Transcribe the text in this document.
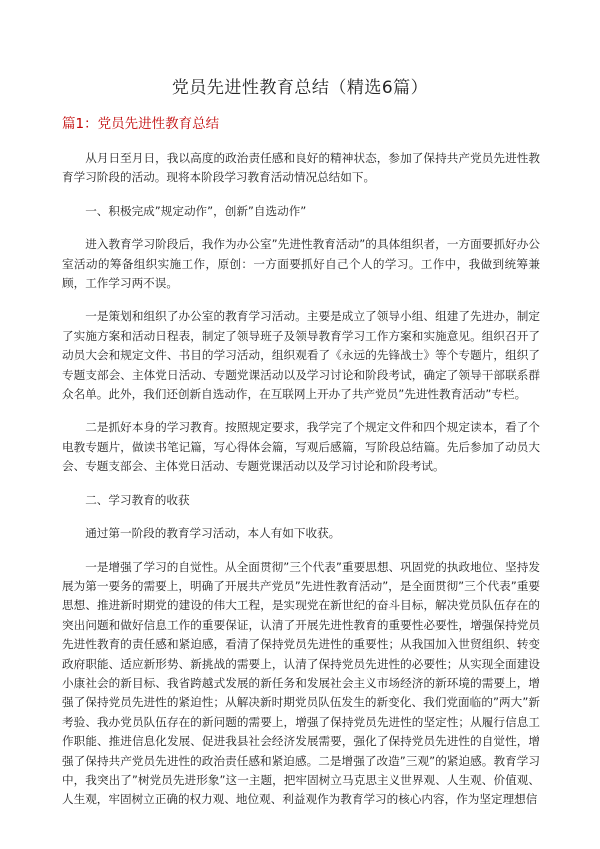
党员先进性教育总结（精选6篇）
篇1：党员先进性教育总结

从月日至月日，我以高度的政治责任感和良好的精神状态，参加了保持共产党员先进性教育学习阶段的活动。现将本阶段学习教育活动情况总结如下。

一、积极完成”规定动作”，创新”自选动作”

进入教育学习阶段后，我作为办公室”先进性教育活动”的具体组织者，一方面要抓好办公室活动的筹备组织实施工作，原创：一方面要抓好自己个人的学习。工作中，我做到统筹兼顾，工作学习两不误。

一是策划和组织了办公室的教育学习活动。主要是成立了领导小组、组建了先进办，制定了实施方案和活动日程表，制定了领导班子及领导教育学习工作方案和实施意见。组织召开了动员大会和规定文件、书目的学习活动，组织观看了《永远的先锋战士》等个专题片，组织了专题支部会、主体党日活动、专题党课活动以及学习讨论和阶段考试，确定了领导干部联系群众名单。此外，我们还创新自选动作，在互联网上开办了共产党员”先进性教育活动”专栏。

二是抓好本身的学习教育。按照规定要求，我学完了个规定文件和四个规定读本，看了个电教专题片，做读书笔记篇，写心得体会篇，写观后感篇，写阶段总结篇。先后参加了动员大会、专题支部会、主体党日活动、专题党课活动以及学习讨论和阶段考试。

二、学习教育的收获

通过第一阶段的教育学习活动，本人有如下收获。

一是增强了学习的自觉性。从全面贯彻”三个代表”重要思想、巩固党的执政地位、坚持发展为第一要务的需要上，明确了开展共产党员”先进性教育活动”，是全面贯彻”三个代表”重要思想、推进新时期党的建设的伟大工程，是实现党在新世纪的奋斗目标，解决党员队伍存在的突出问题和做好信息工作的重要保证，认清了开展先进性教育的重要性必要性，增强保持党员先进性教育的责任感和紧迫感，看清了保持党员先进性的重要性；从我国加入世贸组织、转变政府职能、适应新形势、新挑战的需要上，认清了保持党员先进性的必要性；从实现全面建设小康社会的新目标、我省跨越式发展的新任务和发展社会主义市场经济的新环境的需要上，增强了保持党员先进性的紧迫性；从解决新时期党员队伍发生的新变化、我们党面临的”两大”新考验、我办党员队伍存在的新问题的需要上，增强了保持党员先进性的坚定性；从履行信息工作职能、推进信息化发展、促进我县社会经济发展需要，强化了保持党员先进性的自觉性，增强了保持共产党员先进性的政治责任感和紧迫感。二是增强了改造”三观”的紧迫感。教育学习中，我突出了”树党员先进形象”这一主题，把牢固树立马克思主义世界观、人生观、价值观、人生观，牢固树立正确的权力观、地位观、利益观作为教育学习的核心内容，作为坚定理想信
